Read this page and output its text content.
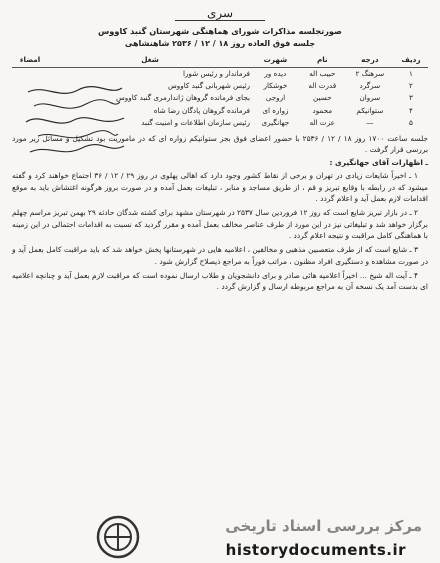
سری
صورتجلسه مذاکرات شورای هماهنگی شهرستان گنبد کاووس
جلسه فوق العاده روز ۱۸ / ۱۲ / ۲۵۳۶ شاهنشاهی
ردیف	درجه	نام	شهرت	شغل	امضاء
۱	سرهنگ ۲	حبیب اله	دیده ور	فرماندار و رئیس شورا	
۲	سرگرد	قدرت اله	خوشکار	رئیس شهربانی گنبد کاووس	
۳	سروان	حسین	اروجی	بجای فرمانده گروهان ژاندارمری گنبد کاووس	
۴	ستوانیکم	محمود	زواره ای	فرمانده گروهان پادگان رضا شاه	
۵	—	عزت اله	جهانگیری	رئیس سازمان اطلاعات و امنیت گنبد	

جلسه ساعت ۱۷۰۰ روز ۱۸ / ۱۲ / ۲۵۳۶ با حضور اعضای فوق بجز ستوانیکم زواره ای که در ماموریت بود تشکیل و مسائل زیر مورد بررسی قرار گرفت .

ـ اظهارات آقای جهانگیری :

۱ ـ اخیراً شایعات زیادی در تهران و برخی از نقاط کشور وجود دارد که اهالی پهلوی در روز ۲۹ / ۱۲ / ۳۶ اجتماع خواهند کرد و گفته میشود که در رابطه با وقایع تبریز و قم ، از طریق مساجد و منابر ، تبلیغات بعمل آمده و در صورت بروز هرگونه اغتشاش باید به موقع اقدامات لازم بعمل آید و اعلام گردد .

۲ ـ در بازار تبریز شایع است که روز ۱۲ فروردین سال ۲۵۳۷ در شهرستان مشهد برای کشته شدگان حادثه ۲۹ بهمن تبریز مراسم چهلم برگزار خواهد شد و تبلیغاتی نیز در این مورد از طرف عناصر مخالف بعمل آمده و مقرر گردید که نسبت به اقدامات احتمالی در این زمینه با هماهنگی کامل مراقبت و نتیجه اعلام گردد .

۳ ـ شایع است که از طرف متعصبین مذهبی و مخالفین ، اعلامیه هایی در شهرستانها پخش خواهد شد که باید مراقبت کامل بعمل آید و در صورت مشاهده و دستگیری افراد مظنون ، مراتب فوراً به مراجع ذیصلاح گزارش شود .

۴ ـ آیت اله شیخ ... اخیراً اعلامیه هائی صادر و برای دانشجویان و طلاب ارسال نموده است که مراقبت لازم بعمل آید و چنانچه اعلامیه ای بدست آمد یک نسخه آن به مراجع مربوطه ارسال و گزارش گردد .

مرکز بررسی اسناد تاریخی
historydocuments.ir
